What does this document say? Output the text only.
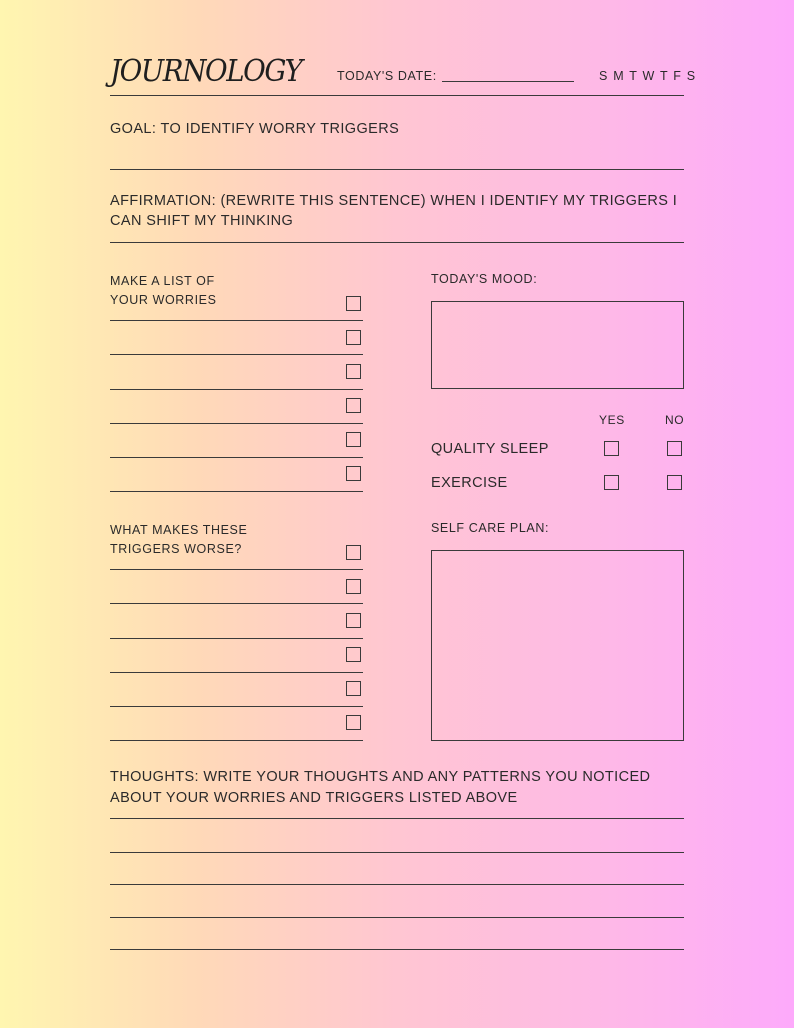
JOURNOLOGY	TODAY'S DATE:	S M T W T F S
GOAL: TO IDENTIFY WORRY TRIGGERS
AFFIRMATION: (REWRITE THIS SENTENCE) WHEN I IDENTIFY MY TRIGGERS I
CAN SHIFT MY THINKING
MAKE A LIST OF
YOUR WORRIES
TODAY'S MOOD:
YES	NO
QUALITY SLEEP
EXERCISE
WHAT MAKES THESE
TRIGGERS WORSE?
SELF CARE PLAN:
THOUGHTS: WRITE YOUR THOUGHTS AND ANY PATTERNS YOU NOTICED
ABOUT YOUR WORRIES AND TRIGGERS LISTED ABOVE
